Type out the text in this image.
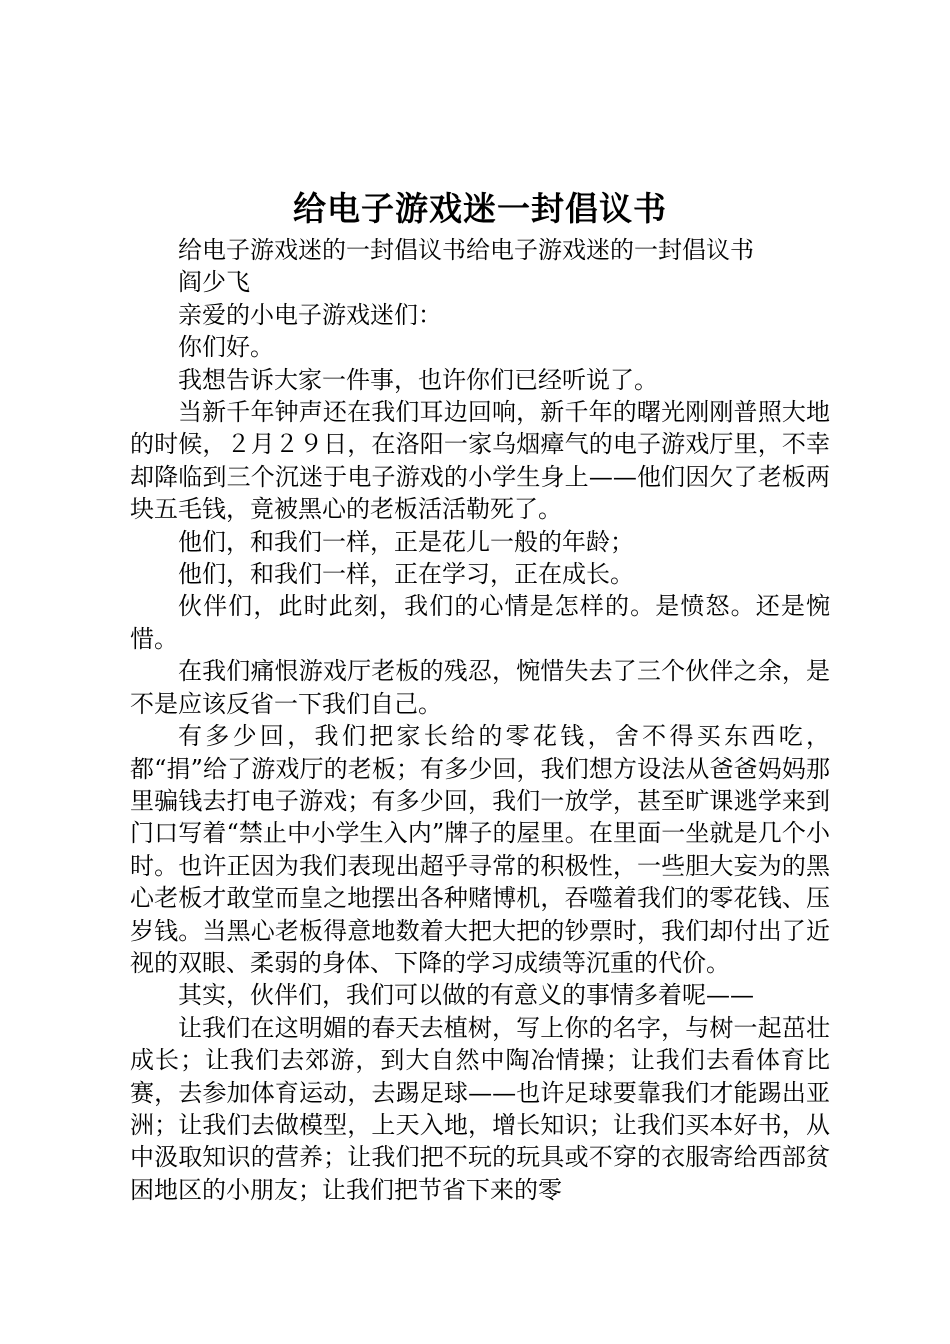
给电子游戏迷一封倡议书

给电子游戏迷的一封倡议书给电子游戏迷的一封倡议书

阎少飞

亲爱的小电子游戏迷们：

你们好。

我想告诉大家一件事，也许你们已经听说了。

当新千年钟声还在我们耳边回响，新千年的曙光刚刚普照大地的时候，２月２９日，在洛阳一家乌烟瘴气的电子游戏厅里，不幸却降临到三个沉迷于电子游戏的小学生身上——他们因欠了老板两块五毛钱，竟被黑心的老板活活勒死了。

他们，和我们一样，正是花儿一般的年龄；

他们，和我们一样，正在学习，正在成长。

伙伴们，此时此刻，我们的心情是怎样的。是愤怒。还是惋惜。

在我们痛恨游戏厅老板的残忍，惋惜失去了三个伙伴之余，是不是应该反省一下我们自己。

有多少回，我们把家长给的零花钱，舍不得买东西吃，都“捐”给了游戏厅的老板；有多少回，我们想方设法从爸爸妈妈那里骗钱去打电子游戏；有多少回，我们一放学，甚至旷课逃学来到门口写着“禁止中小学生入内”牌子的屋里。在里面一坐就是几个小时。也许正因为我们表现出超乎寻常的积极性，一些胆大妄为的黑心老板才敢堂而皇之地摆出各种赌博机，吞噬着我们的零花钱、压岁钱。当黑心老板得意地数着大把大把的钞票时，我们却付出了近视的双眼、柔弱的身体、下降的学习成绩等沉重的代价。

其实，伙伴们，我们可以做的有意义的事情多着呢——

让我们在这明媚的春天去植树，写上你的名字，与树一起茁壮成长；让我们去郊游，到大自然中陶冶情操；让我们去看体育比赛，去参加体育运动，去踢足球——也许足球要靠我们才能踢出亚洲；让我们去做模型，上天入地，增长知识；让我们买本好书，从中汲取知识的营养；让我们把不玩的玩具或不穿的衣服寄给西部贫困地区的小朋友；让我们把节省下来的零
